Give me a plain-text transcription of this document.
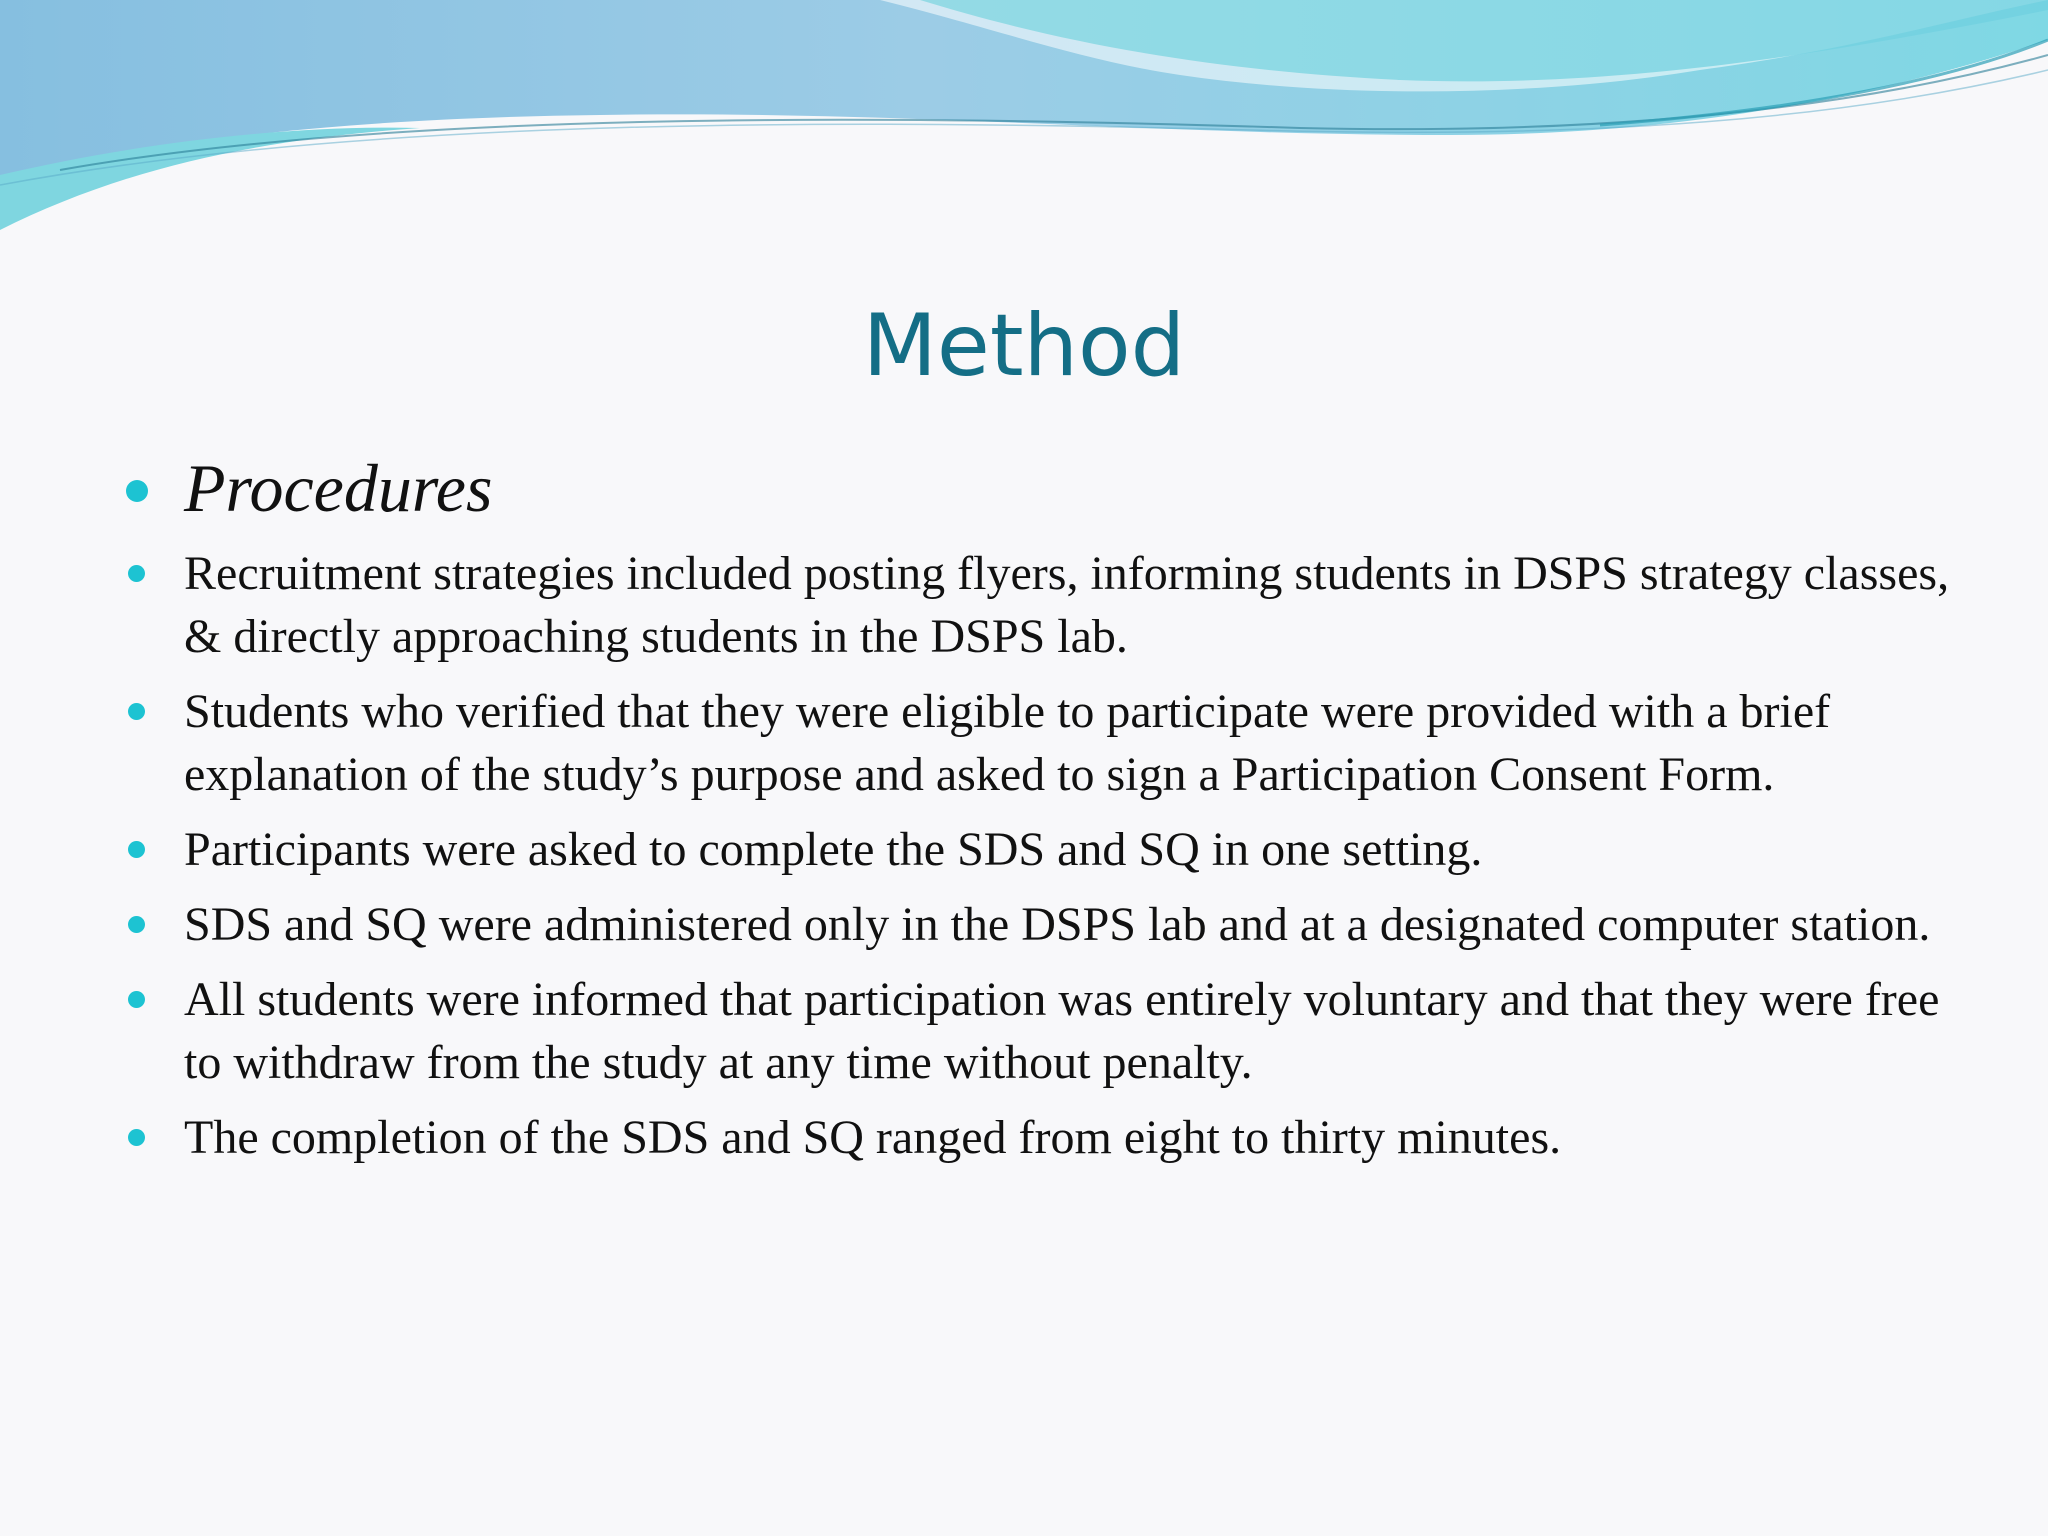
Method
Procedures
Recruitment strategies included posting flyers, informing students in DSPS strategy classes, & directly approaching students in the DSPS lab.
Students who verified that they were eligible to participate were provided with a brief explanation of the study’s purpose and asked to sign a Participation Consent Form.
Participants were asked to complete the SDS and SQ in one setting.
SDS and SQ were administered only in the DSPS lab and at a designated computer station.
All students were informed that participation was entirely voluntary and that they were free to withdraw from the study at any time without penalty.
The completion of the SDS and SQ ranged from eight to thirty minutes.
